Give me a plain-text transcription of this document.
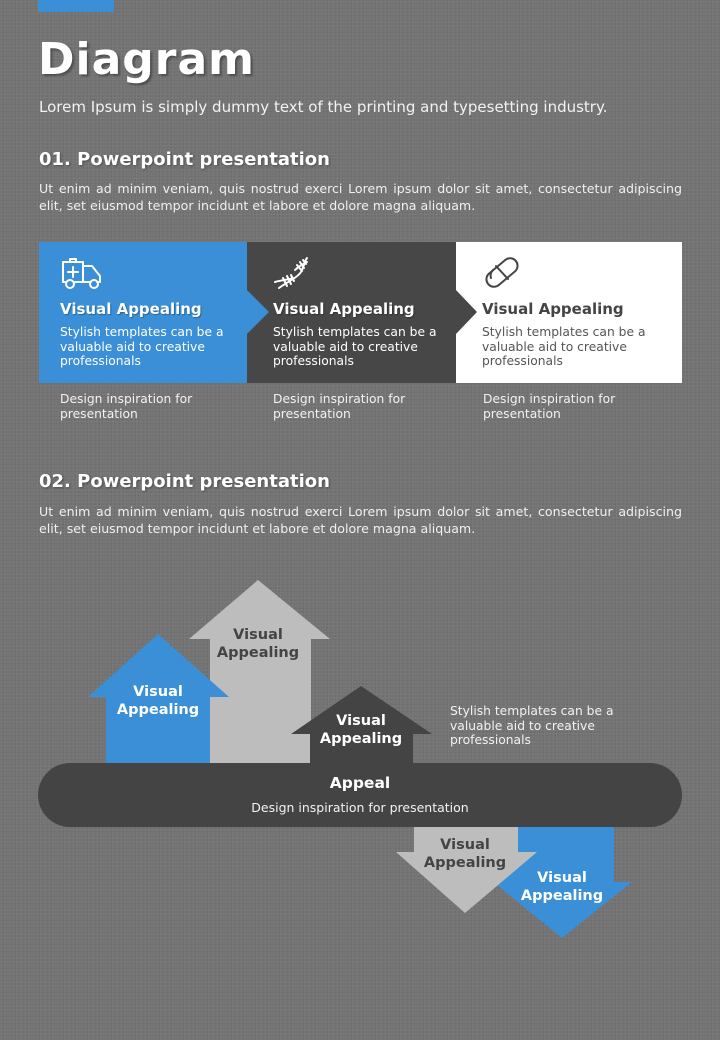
Diagram
Lorem Ipsum is simply dummy text of the printing and typesetting industry.
01. Powerpoint presentation
Ut enim ad minim veniam, quis nostrud exerci Lorem ipsum dolor sit amet, consectetur adipiscing elit, set eiusmod tempor incidunt et labore et dolore magna aliquam.
Visual Appealing
Stylish templates can be a valuable aid to creative professionals
Visual Appealing
Stylish templates can be a valuable aid to creative professionals
Visual Appealing
Stylish templates can be a valuable aid to creative professionals
Design inspiration for presentation
Design inspiration for presentation
Design inspiration for presentation
02. Powerpoint presentation
Ut enim ad minim veniam, quis nostrud exerci Lorem ipsum dolor sit amet, consectetur adipiscing elit, set eiusmod tempor incidunt et labore et dolore magna aliquam.
Visual
Appealing
Visual
Appealing
Visual
Appealing
Stylish templates can be a valuable aid to creative professionals
Appeal
Design inspiration for presentation
Visual
Appealing
Visual
Appealing
